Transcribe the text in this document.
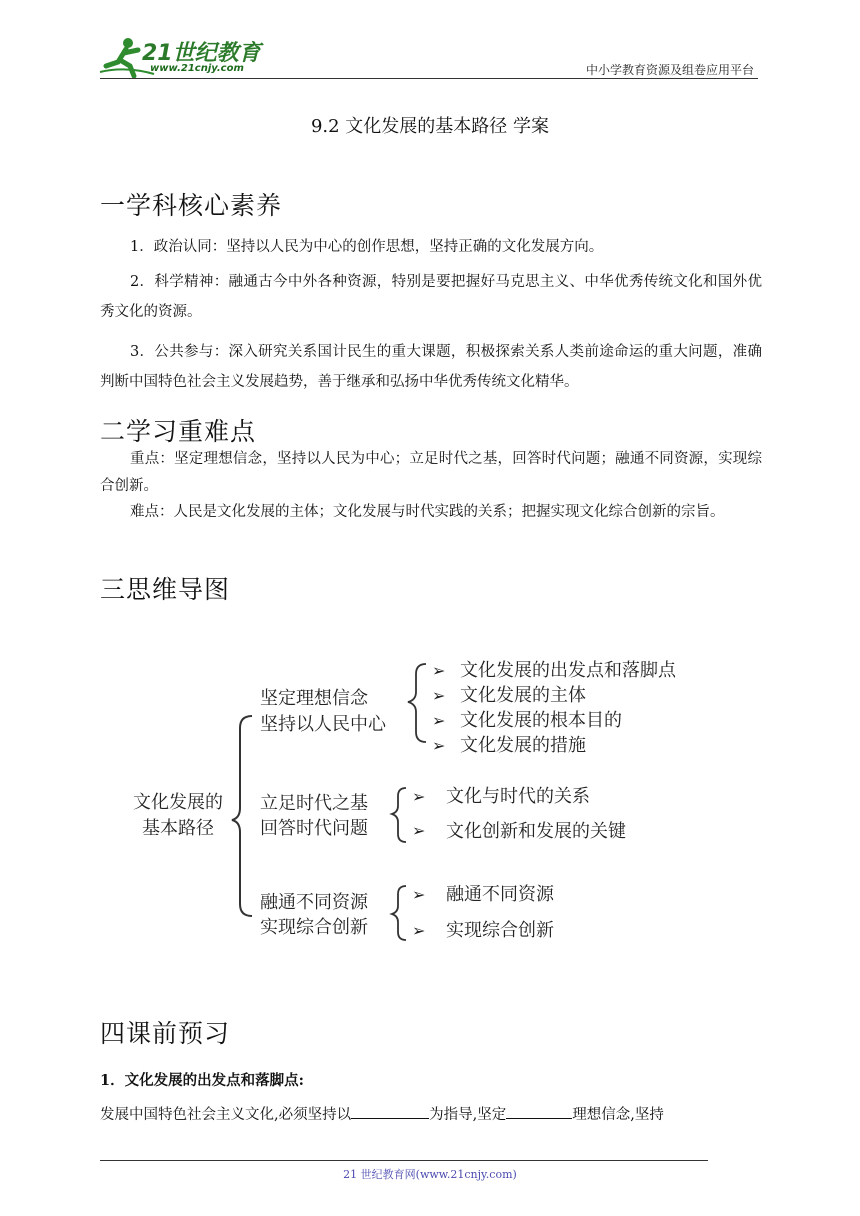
21世纪教育
www.21cnjy.com	中小学教育资源及组卷应用平台
9.2 文化发展的基本路径 学案
一学科核心素养
1．政治认同：坚持以人民为中心的创作思想，坚持正确的文化发展方向。
2．科学精神：融通古今中外各种资源，特别是要把握好马克思主义、中华优秀传统文化和国外优秀文化的资源。
3．公共参与：深入研究关系国计民生的重大课题，积极探索关系人类前途命运的重大问题，准确判断中国特色社会主义发展趋势，善于继承和弘扬中华优秀传统文化精华。
二学习重难点
重点：坚定理想信念，坚持以人民为中心；立足时代之基，回答时代问题；融通不同资源，实现综合创新。
难点：人民是文化发展的主体；文化发展与时代实践的关系；把握实现文化综合创新的宗旨。
三思维导图
文化发展的
基本路径
坚定理想信念
坚持以人民中心
➢
➢
➢
➢
文化发展的出发点和落脚点
文化发展的主体
文化发展的根本目的
文化发展的措施
立足时代之基
回答时代问题
➢
➢
文化与时代的关系
文化创新和发展的关键
融通不同资源
实现综合创新
➢
➢
融通不同资源
实现综合创新
四课前预习
1．文化发展的出发点和落脚点:
发展中国特色社会主义文化,必须坚持以	为指导,坚定	理想信念,坚持
21 世纪教育网(www.21cnjy.com)
